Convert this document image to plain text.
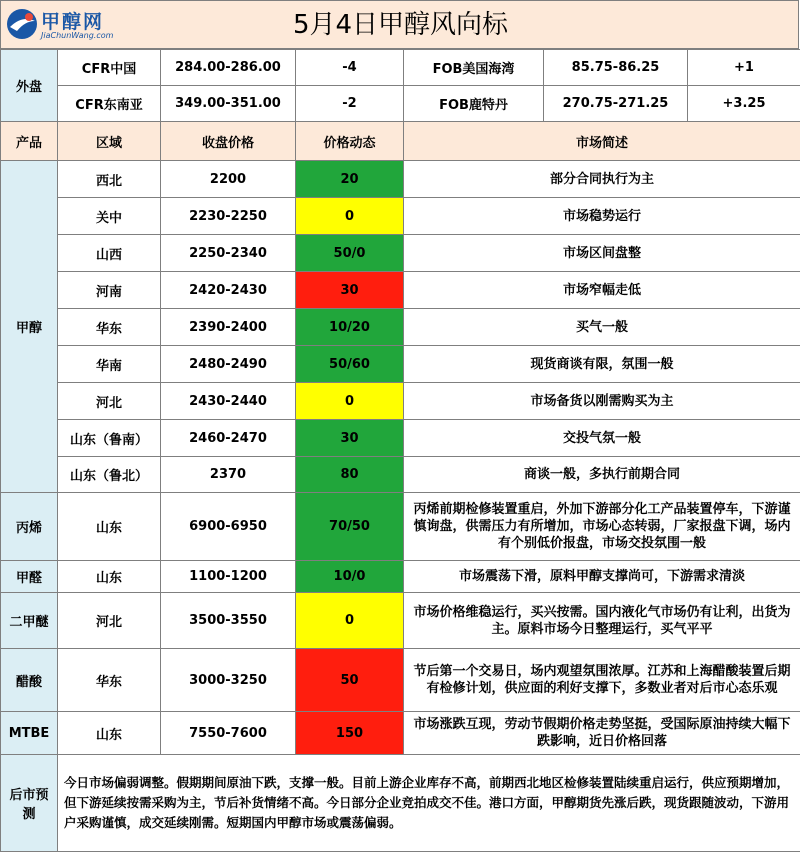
5月4日甲醇风向标
甲醇网
JiaChunWang.com
外盘	CFR中国	284.00-286.00	-4	FOB美国海湾	85.75-86.25	+1
	CFR东南亚	349.00-351.00	-2	FOB鹿特丹	270.75-271.25	+3.25
产品	区域	收盘价格	价格动态	市场简述		
甲醇	西北	2200	20	部分合同执行为主		
	关中	2230-2250	0	市场稳势运行		
	山西	2250-2340	50/0	市场区间盘整		
	河南	2420-2430	30	市场窄幅走低		
	华东	2390-2400	10/20	买气一般		
	华南	2480-2490	50/60	现货商谈有限，氛围一般		
	河北	2430-2440	0	市场备货以刚需购买为主		
	山东（鲁南）	2460-2470	30	交投气氛一般		
	山东（鲁北）	2370	80	商谈一般，多执行前期合同		
丙烯	山东	6900-6950	70/50	丙烯前期检修装置重启，外加下游部分化工产品装置停车，下游谨慎询盘，供需压力有所增加，市场心态转弱，厂家报盘下调，场内有个别低价报盘，市场交投氛围一般		
甲醛	山东	1100-1200	10/0	市场震荡下滑，原料甲醇支撑尚可，下游需求清淡		
二甲醚	河北	3500-3550	0	市场价格维稳运行，买兴按需。国内液化气市场仍有让利，出货为主。原料市场今日整理运行，买气平平		
醋酸	华东	3000-3250	50	节后第一个交易日，场内观望氛围浓厚。江苏和上海醋酸装置后期有检修计划，供应面的利好支撑下，多数业者对后市心态乐观		
MTBE	山东	7550-7600	150	市场涨跌互现，劳动节假期价格走势坚挺，受国际原油持续大幅下跌影响，近日价格回落		
后市预测	今日市场偏弱调整。假期期间原油下跌，支撑一般。目前上游企业库存不高，前期西北地区检修装置陆续重启运行，供应预期增加，但下游延续按需采购为主，节后补货情绪不高。今日部分企业竞拍成交不佳。港口方面，甲醇期货先涨后跌，现货跟随波动，下游用户采购谨慎，成交延续刚需。短期国内甲醇市场或震荡偏弱。					
